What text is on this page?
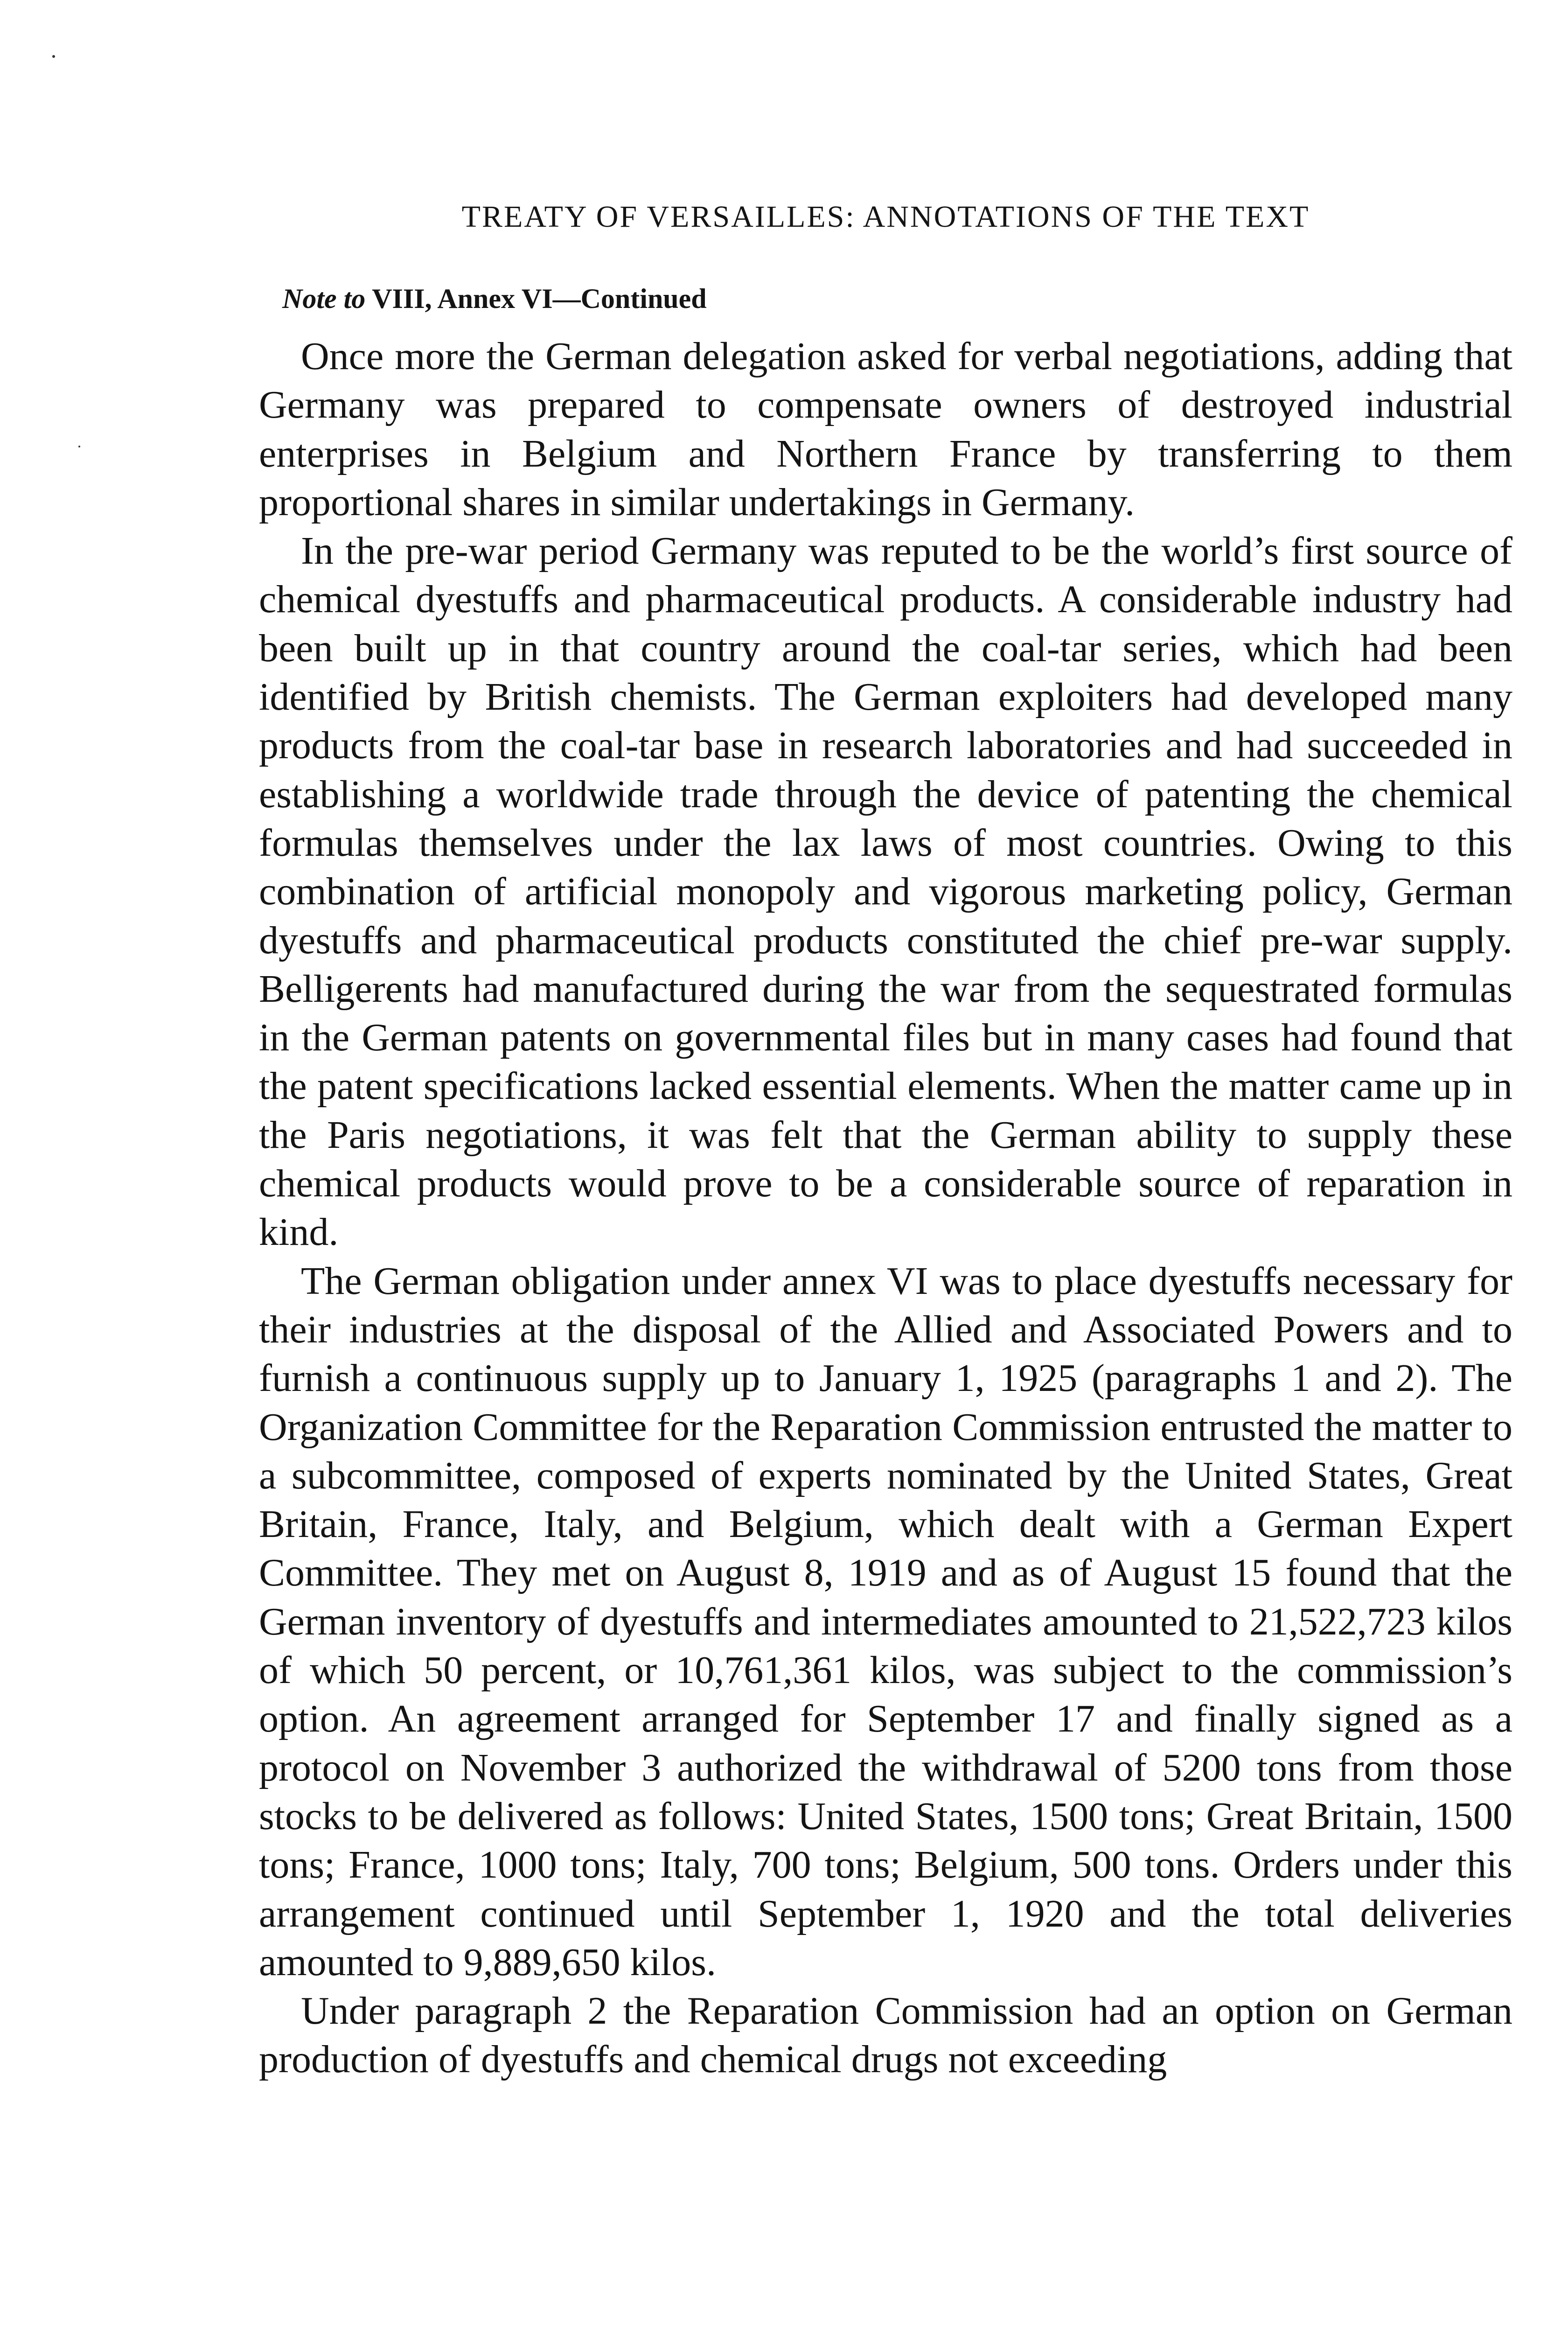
TREATY OF VERSAILLES: ANNOTATIONS OF THE TEXT
Note to VIII, Annex VI—Continued

Once more the German delegation asked for verbal negotiations, adding that Germany was prepared to compensate owners of destroyed industrial enterprises in Belgium and Northern France by transferring to them proportional shares in similar undertakings in Germany.

In the pre-war period Germany was reputed to be the world’s first source of chemical dyestuffs and pharmaceutical products. A considerable industry had been built up in that country around the coal-tar series, which had been identified by British chemists. The German exploiters had developed many products from the coal-tar base in research laboratories and had succeeded in establishing a worldwide trade through the device of patenting the chemical formulas themselves under the lax laws of most countries. Owing to this combination of artificial monopoly and vigorous marketing policy, German dyestuffs and pharmaceutical products constituted the chief pre-war supply. Belligerents had manufactured during the war from the sequestrated formulas in the German patents on governmental files but in many cases had found that the patent specifications lacked essential elements. When the matter came up in the Paris negotiations, it was felt that the German ability to supply these chemical products would prove to be a considerable source of reparation in kind.

The German obligation under annex VI was to place dyestuffs necessary for their industries at the disposal of the Allied and Associated Powers and to furnish a continuous supply up to January 1, 1925 (paragraphs 1 and 2). The Organization Committee for the Reparation Commission entrusted the matter to a subcommittee, composed of experts nominated by the United States, Great Britain, France, Italy, and Belgium, which dealt with a German Expert Committee. They met on August 8, 1919 and as of August 15 found that the German inventory of dyestuffs and intermediates amounted to 21,522,723 kilos of which 50 percent, or 10,761,361 kilos, was subject to the commission’s option. An agreement arranged for September 17 and finally signed as a protocol on November 3 authorized the withdrawal of 5200 tons from those stocks to be delivered as follows: United States, 1500 tons; Great Britain, 1500 tons; France, 1000 tons; Italy, 700 tons; Belgium, 500 tons. Orders under this arrangement continued until September 1, 1920 and the total deliveries amounted to 9,889,650 kilos.

Under paragraph 2 the Reparation Commission had an option on German production of dyestuffs and chemical drugs not exceeding
